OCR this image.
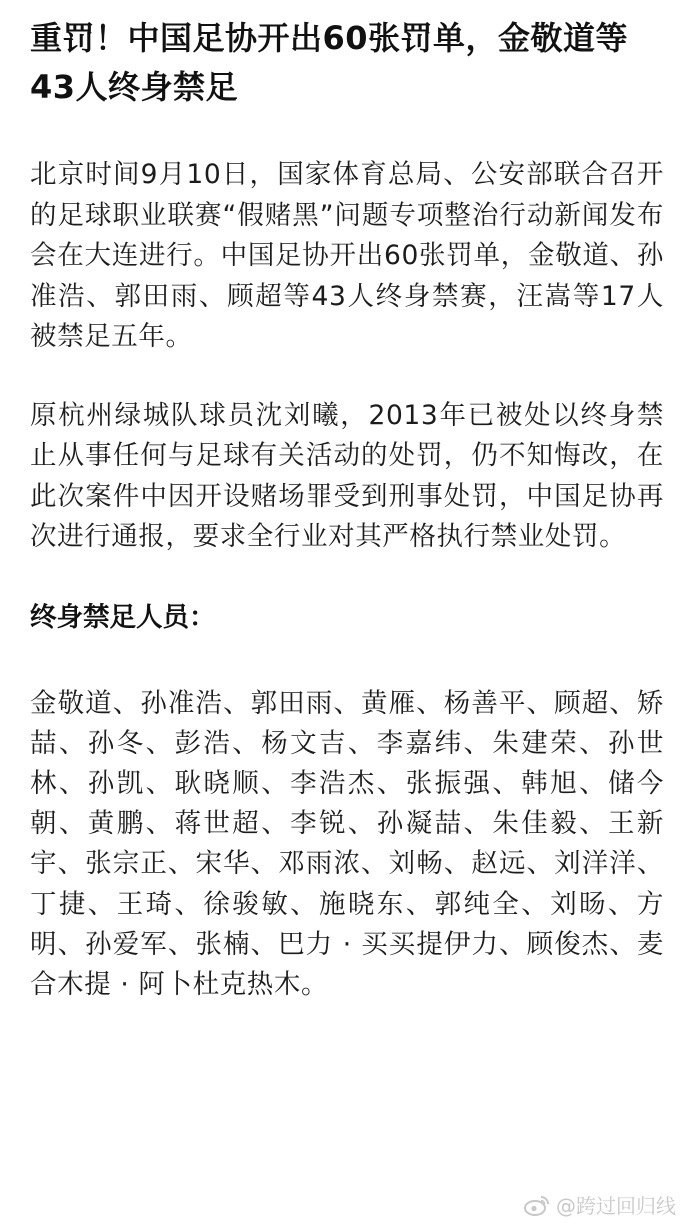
重罚！中国足协开出60张罚单，金敬道等43人终身禁足

北京时间9月10日，国家体育总局、公安部联合召开的足球职业联赛“假赌黑”问题专项整治行动新闻发布会在大连进行。中国足协开出60张罚单，金敬道、孙准浩、郭田雨、顾超等43人终身禁赛，汪嵩等17人被禁足五年。

原杭州绿城队球员沈刘曦，2013年已被处以终身禁止从事任何与足球有关活动的处罚，仍不知悔改，在此次案件中因开设赌场罪受到刑事处罚，中国足协再次进行通报，要求全行业对其严格执行禁业处罚。

终身禁足人员：

金敬道、孙准浩、郭田雨、黄雁、杨善平、顾超、矫喆、孙冬、彭浩、杨文吉、李嘉纬、朱建荣、孙世林、孙凯、耿晓顺、李浩杰、张振强、韩旭、储今朝、黄鹏、蒋世超、李锐、孙凝喆、朱佳毅、王新宇、张宗正、宋华、邓雨浓、刘畅、赵远、刘洋洋、丁捷、王琦、徐骏敏、施晓东、郭纯全、刘旸、方明、孙爱军、张楠、巴力 · 买买提伊力、顾俊杰、麦合木提 · 阿卜杜克热木。

@跨过回归线
